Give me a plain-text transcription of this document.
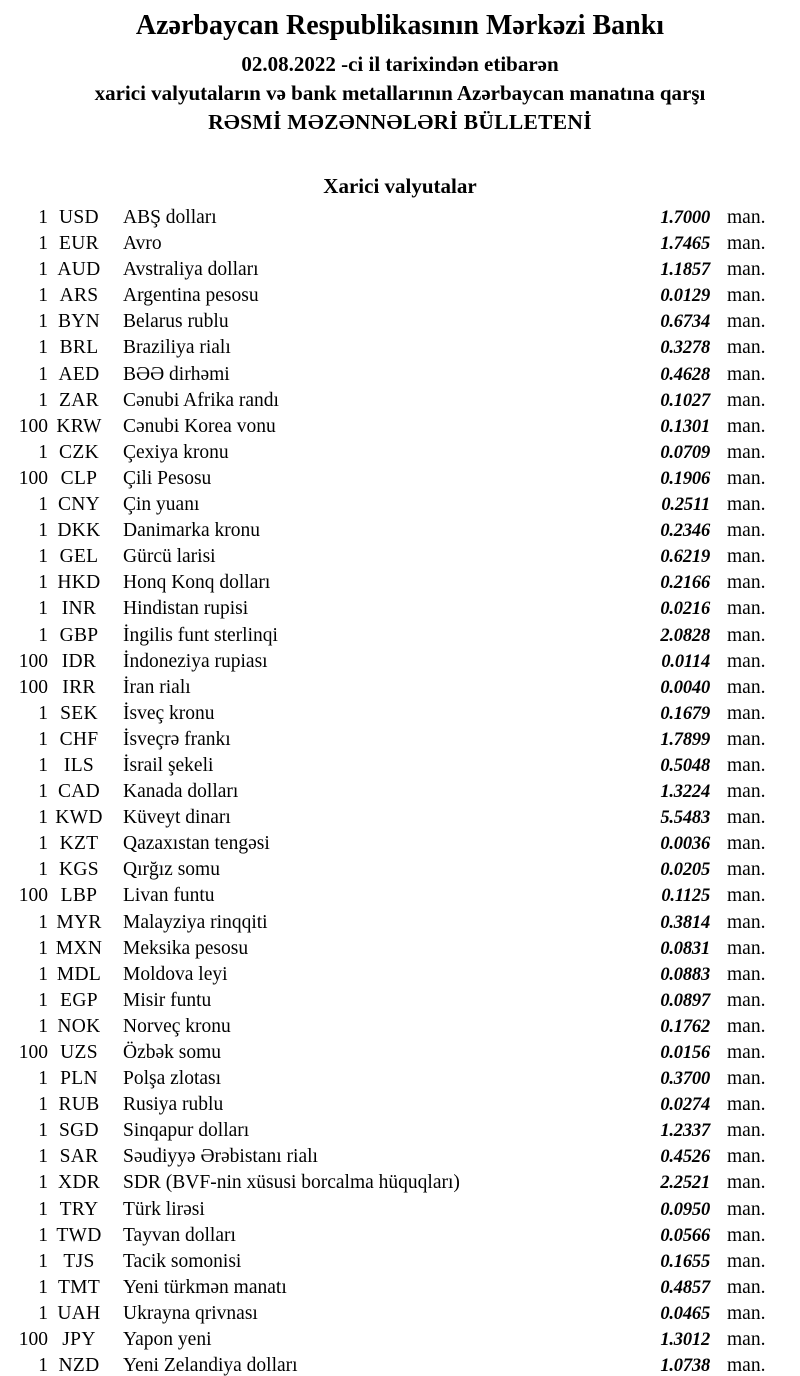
Azərbaycan Respublikasının Mərkəzi Bankı
02.08.2022 -ci il tarixindən etibarən
xarici valyutaların və bank metallarının Azərbaycan manatına qarşı
RƏSMİ MƏZƏNNƏLƏRİ BÜLLETENİ
Xarici valyutalar
1 USD	ABŞ dolları	1.7000 man.
1 EUR	Avro	1.7465 man.
1 AUD	Avstraliya dolları	1.1857 man.
1 ARS	Argentina pesosu	0.0129 man.
1 BYN	Belarus rublu	0.6734 man.
1 BRL	Braziliya rialı	0.3278 man.
1 AED	BƏƏ dirhəmi	0.4628 man.
1 ZAR	Cənubi Afrika randı	0.1027 man.
100 KRW	Cənubi Korea vonu	0.1301 man.
1 CZK	Çexiya kronu	0.0709 man.
100 CLP	Çili Pesosu	0.1906 man.
1 CNY	Çin yuanı	0.2511 man.
1 DKK	Danimarka kronu	0.2346 man.
1 GEL	Gürcü larisi	0.6219 man.
1 HKD	Honq Konq dolları	0.2166 man.
1 INR	Hindistan rupisi	0.0216 man.
1 GBP	İngilis funt sterlinqi	2.0828 man.
100 IDR	İndoneziya rupiası	0.0114 man.
100 IRR	İran rialı	0.0040 man.
1 SEK	İsveç kronu	0.1679 man.
1 CHF	İsveçrə frankı	1.7899 man.
1 ILS	İsrail şekeli	0.5048 man.
1 CAD	Kanada dolları	1.3224 man.
1 KWD	Küveyt dinarı	5.5483 man.
1 KZT	Qazaxıstan tengəsi	0.0036 man.
1 KGS	Qırğız somu	0.0205 man.
100 LBP	Livan funtu	0.1125 man.
1 MYR	Malayziya rinqqiti	0.3814 man.
1 MXN	Meksika pesosu	0.0831 man.
1 MDL	Moldova leyi	0.0883 man.
1 EGP	Misir funtu	0.0897 man.
1 NOK	Norveç kronu	0.1762 man.
100 UZS	Özbək somu	0.0156 man.
1 PLN	Polşa zlotası	0.3700 man.
1 RUB	Rusiya rublu	0.0274 man.
1 SGD	Sinqapur dolları	1.2337 man.
1 SAR	Səudiyyə Ərəbistanı rialı	0.4526 man.
1 XDR	SDR (BVF-nin xüsusi borcalma hüquqları)	2.2521 man.
1 TRY	Türk lirəsi	0.0950 man.
1 TWD	Tayvan dolları	0.0566 man.
1 TJS	Tacik somonisi	0.1655 man.
1 TMT	Yeni türkmən manatı	0.4857 man.
1 UAH	Ukrayna qrivnası	0.0465 man.
100 JPY	Yapon yeni	1.3012 man.
1 NZD	Yeni Zelandiya dolları	1.0738 man.
